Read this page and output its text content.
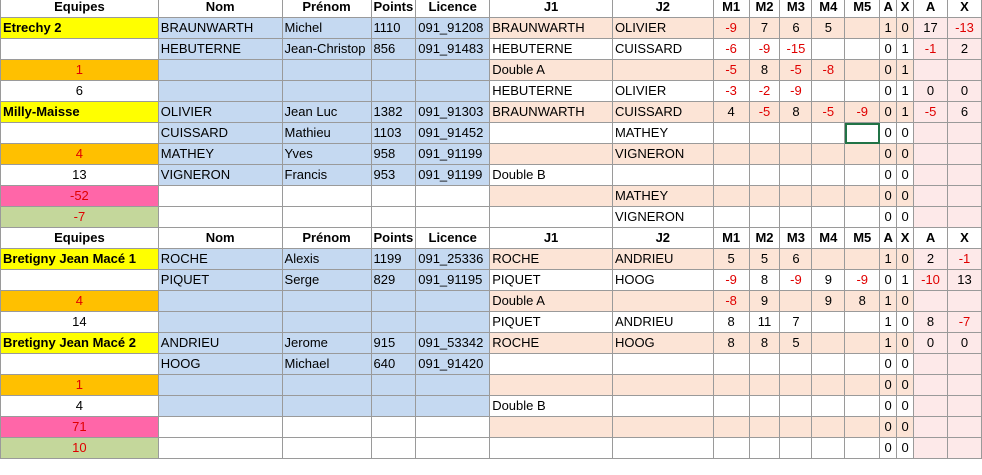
Equipes	Nom	Prénom	Points	Licence	J1	J2	M1	M2	M3	M4	M5	A	X	A	X
Etrechy 2	BRAUNWARTH	Michel	1110	091_91208	BRAUNWARTH	OLIVIER	-9	7	6	5		1	0	17	-13
	HEBUTERNE	Jean-Christop	856	091_91483	HEBUTERNE	CUISSARD	-6	-9	-15			0	1	-1	2
1					Double A		-5	8	-5	-8		0	1		
6					HEBUTERNE	OLIVIER	-3	-2	-9			0	1	0	0
Milly-Maisse	OLIVIER	Jean Luc	1382	091_91303	BRAUNWARTH	CUISSARD	4	-5	8	-5	-9	0	1	-5	6
	CUISSARD	Mathieu	1103	091_91452		MATHEY						0	0		
4	MATHEY	Yves	958	091_91199		VIGNERON						0	0		
13	VIGNERON	Francis	953	091_91199	Double B							0	0		
-52						MATHEY						0	0		
-7						VIGNERON						0	0		
Equipes	Nom	Prénom	Points	Licence	J1	J2	M1	M2	M3	M4	M5	A	X	A	X
Bretigny Jean Macé 1	ROCHE	Alexis	1199	091_25336	ROCHE	ANDRIEU	5	5	6			1	0	2	-1
	PIQUET	Serge	829	091_91195	PIQUET	HOOG	-9	8	-9	9	-9	0	1	-10	13
4					Double A		-8	9		9	8	1	0		
14					PIQUET	ANDRIEU	8	11	7			1	0	8	-7
Bretigny Jean Macé 2	ANDRIEU	Jerome	915	091_53342	ROCHE	HOOG	8	8	5			1	0	0	0
	HOOG	Michael	640	091_91420								0	0		
1												0	0		
4					Double B							0	0		
71												0	0		
10												0	0		
